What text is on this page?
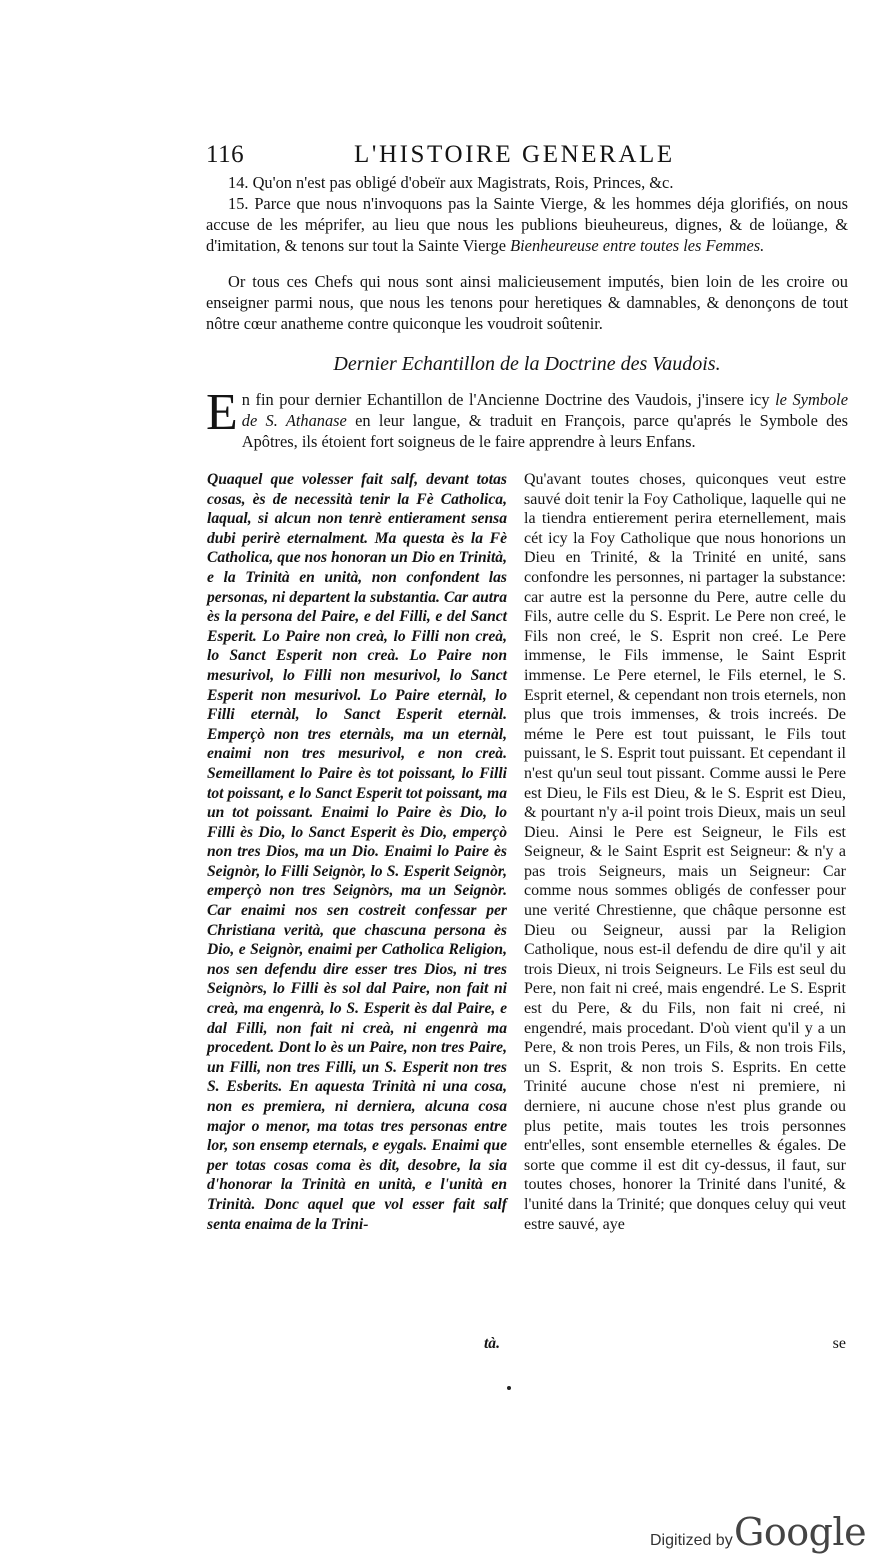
116	L'HISTOIRE GENERALE

14. Qu'on n'est pas obligé d'obeïr aux Magistrats, Rois, Princes, &c.

15. Parce que nous n'invoquons pas la Sainte Vierge, & les hommes déja glorifiés, on nous accuse de les méprifer, au lieu que nous les publions bieuheureus, dignes, & de loüange, & d'imitation, & tenons sur tout la Sainte Vierge Bienheureuse entre toutes les Femmes.

Or tous ces Chefs qui nous sont ainsi malicieusement imputés, bien loin de les croire ou enseigner parmi nous, que nous les tenons pour heretiques & damnables, & denonçons de tout nôtre cœur anatheme contre quiconque les voudroit soûtenir.

Dernier Echantillon de la Doctrine des Vaudois.
En fin pour dernier Echantillon de l'Ancienne Doctrine des Vaudois, j'insere icy le Symbole de S. Athanase en leur langue, & traduit en François, parce qu'aprés le Symbole des Apôtres, ils étoient fort soigneus de le faire apprendre à leurs Enfans.

Quaquel que volesser fait salf, devant totas cosas, ès de necessità tenir la Fè Catholica, laqual, si alcun non tenrè entierament sensa dubi perirè eternalment. Ma questa ès la Fè Catholica, que nos honoran un Dio en Trinità, e la Trinità en unità, non confondent las personas, ni departent la substantia. Car autra ès la persona del Paire, e del Filli, e del Sanct Esperit. Lo Paire non creà, lo Filli non creà, lo Sanct Esperit non creà. Lo Paire non mesurivol, lo Filli non mesurivol, lo Sanct Esperit non mesurivol. Lo Paire eternàl, lo Filli eternàl, lo Sanct Esperit eternàl. Emperçò non tres eternàls, ma un eternàl, enaimi non tres mesurivol, e non creà. Semeillament lo Paire ès tot poissant, lo Filli tot poissant, e lo Sanct Esperit tot poissant, ma un tot poissant. Enaimi lo Paire ès Dio, lo Filli ès Dio, lo Sanct Esperit ès Dio, emperçò non tres Dios, ma un Dio. Enaimi lo Paire ès Seignòr, lo Filli Seignòr, lo S. Esperit Seignòr, emperçò non tres Seignòrs, ma un Seignòr. Car enaimi nos sen costreit confessar per Christiana verità, que chascuna persona ès Dio, e Seignòr, enaimi per Catholica Religion, nos sen defendu dire esser tres Dios, ni tres Seignòrs, lo Filli ès sol dal Paire, non fait ni creà, ma engenrà, lo S. Esperit ès dal Paire, e dal Filli, non fait ni creà, ni engenrà ma procedent. Dont lo ès un Paire, non tres Paire, un Filli, non tres Filli, un S. Esperit non tres S. Esberits. En aquesta Trinità ni una cosa, non es premiera, ni derniera, alcuna cosa major o menor, ma totas tres personas entre lor, son ensemp eternals, e eygals. Enaimi que per totas cosas coma ès dit, desobre, la sia d'honorar la Trinità en unità, e l'unità en Trinità. Donc aquel que vol esser fait salf senta enaima de la Trini-

tà.

Qu'avant toutes choses, quiconques veut estre sauvé doit tenir la Foy Catholique, laquelle qui ne la tiendra entierement perira eternellement, mais cét icy la Foy Catholique que nous honorions un Dieu en Trinité, & la Trinité en unité, sans confondre les personnes, ni partager la substance: car autre est la personne du Pere, autre celle du Fils, autre celle du S. Esprit. Le Pere non creé, le Fils non creé, le S. Esprit non creé. Le Pere immense, le Fils immense, le Saint Esprit immense. Le Pere eternel, le Fils eternel, le S. Esprit eternel, & cependant non trois eternels, non plus que trois immenses, & trois increés. De méme le Pere est tout puissant, le Fils tout puissant, le S. Esprit tout puissant. Et cependant il n'est qu'un seul tout pissant. Comme aussi le Pere est Dieu, le Fils est Dieu, & le S. Esprit est Dieu, & pourtant n'y a-il point trois Dieux, mais un seul Dieu. Ainsi le Pere est Seigneur, le Fils est Seigneur, & le Saint Esprit est Seigneur: & n'y a pas trois Seigneurs, mais un Seigneur: Car comme nous sommes obligés de confesser pour une verité Chrestienne, que châque personne est Dieu ou Seigneur, aussi par la Religion Catholique, nous est-il defendu de dire qu'il y ait trois Dieux, ni trois Seigneurs. Le Fils est seul du Pere, non fait ni creé, mais engendré. Le S. Esprit est du Pere, & du Fils, non fait ni creé, ni engendré, mais procedant. D'où vient qu'il y a un Pere, & non trois Peres, un Fils, & non trois Fils, un S. Esprit, & non trois S. Esprits. En cette Trinité aucune chose n'est ni premiere, ni derniere, ni aucune chose n'est plus grande ou plus petite, mais toutes les trois personnes entr'elles, sont ensemble eternelles & égales. De sorte que comme il est dit cy-dessus, il faut, sur toutes choses, honorer la Trinité dans l'unité, & l'unité dans la Trinité; que donques celuy qui veut estre sauvé, aye

se
Digitized by Google
